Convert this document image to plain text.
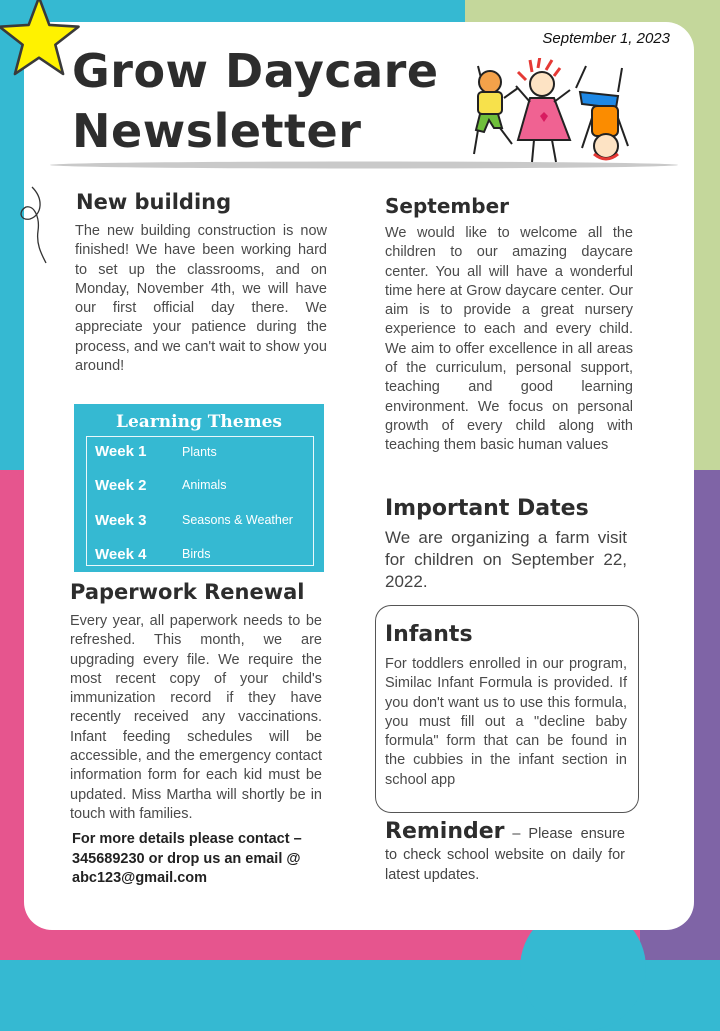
September 1, 2023
Grow Daycare
Newsletter
New building
The new building construction is now finished! We have been working hard to set up the classrooms, and on Monday, November 4th, we will have our first official day there. We appreciate your patience during the process, and we can't wait to show you around!
Learning Themes
Week 1	Plants
Week 2	Animals
Week 3	Seasons & Weather
Week 4	Birds
Paperwork Renewal
Every year, all paperwork needs to be refreshed. This month, we are upgrading every file. We require the most recent copy of your child's immunization record if they have recently received any vaccinations. Infant feeding schedules will be accessible, and the emergency contact information form for each kid must be updated. Miss Martha will shortly be in touch with families.
For more details please contact – 345689230 or drop us an email @ abc123@gmail.com
September
We would like to welcome all the children to our amazing daycare center. You all will have a wonderful time here at Grow daycare center. Our aim is to provide a great nursery experience to each and every child. We aim to offer excellence in all areas of the curriculum, personal support, teaching and good learning environment. We focus on personal growth of every child along with teaching them basic human values
Important Dates
We are organizing a farm visit for children on September 22, 2022.
Infants
For toddlers enrolled in our program, Similac Infant Formula is provided. If you don't want us to use this formula, you must fill out a "decline baby formula" form that can be found in the cubbies in the infant section in school app
Reminder – Please ensure to check school website on daily for latest updates.
